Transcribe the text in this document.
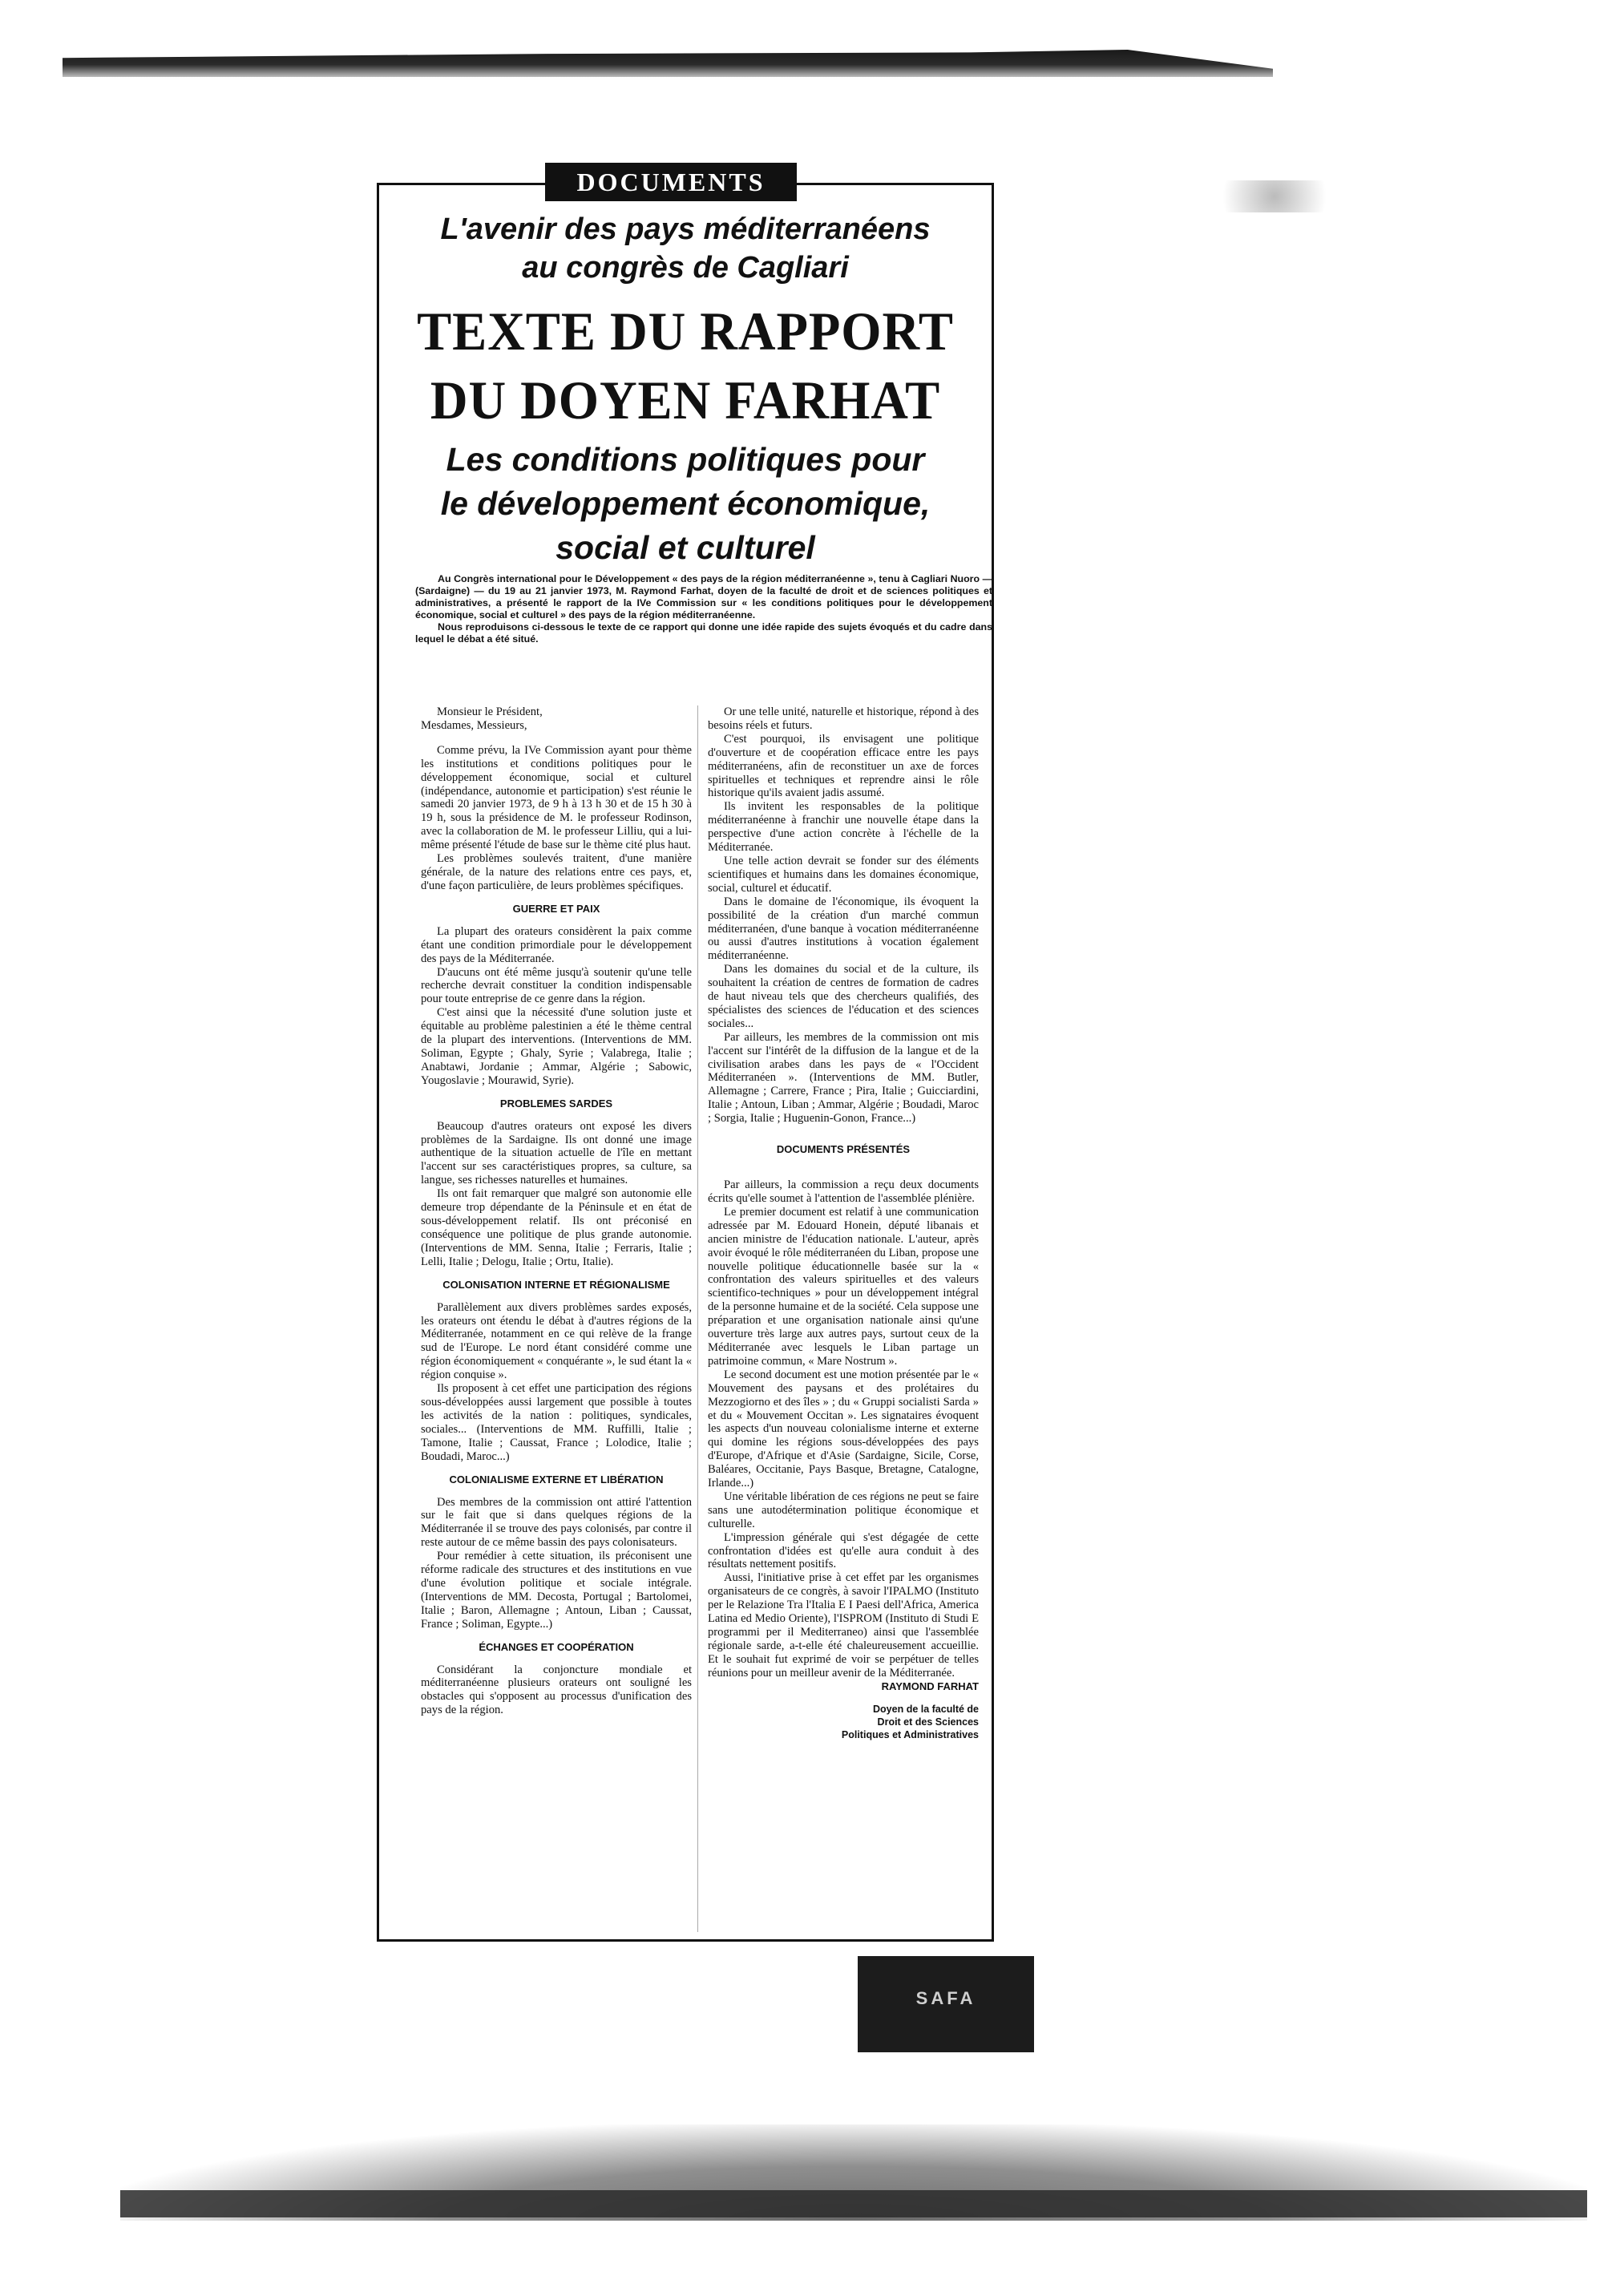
DOCUMENTS
L'avenir des pays méditerranéens
au congrès de Cagliari
TEXTE DU RAPPORT
DU DOYEN FARHAT
Les conditions politiques pour
le développement économique,
social et culturel

Au Congrès international pour le Développement « des pays de la région méditerranéenne », tenu à Cagliari Nuoro — (Sardaigne) — du 19 au 21 janvier 1973, M. Raymond Farhat, doyen de la faculté de droit et de sciences politiques et administratives, a présenté le rapport de la IVe Commission sur « les conditions politiques pour le développement économique, social et culturel » des pays de la région méditerranéenne.

Nous reproduisons ci-dessous le texte de ce rapport qui donne une idée rapide des sujets évoqués et du cadre dans lequel le débat a été situé.

Monsieur le Président,

Mesdames, Messieurs,

Comme prévu, la IVe Commission ayant pour thème les institutions et conditions politiques pour le développement économique, social et culturel (indépendance, autonomie et participation) s'est réunie le samedi 20 janvier 1973, de 9 h à 13 h 30 et de 15 h 30 à 19 h, sous la présidence de M. le professeur Rodinson, avec la collaboration de M. le professeur Lilliu, qui a lui-même présenté l'étude de base sur le thème cité plus haut.

Les problèmes soulevés traitent, d'une manière générale, de la nature des relations entre ces pays, et, d'une façon particulière, de leurs problèmes spécifiques.

GUERRE ET PAIX

La plupart des orateurs considèrent la paix comme étant une condition primordiale pour le développement des pays de la Méditerranée.

D'aucuns ont été même jusqu'à soutenir qu'une telle recherche devrait constituer la condition indispensable pour toute entreprise de ce genre dans la région.

C'est ainsi que la nécessité d'une solution juste et équitable au problème palestinien a été le thème central de la plupart des interventions. (Interventions de MM. Soliman, Egypte ; Ghaly, Syrie ; Valabrega, Italie ; Anabtawi, Jordanie ; Ammar, Algérie ; Sabowic, Yougoslavie ; Mourawid, Syrie).

PROBLEMES SARDES

Beaucoup d'autres orateurs ont exposé les divers problèmes de la Sardaigne. Ils ont donné une image authentique de la situation actuelle de l'île en mettant l'accent sur ses caractéristiques propres, sa culture, sa langue, ses richesses naturelles et humaines.

Ils ont fait remarquer que malgré son autonomie elle demeure trop dépendante de la Péninsule et en état de sous-développement relatif. Ils ont préconisé en conséquence une politique de plus grande autonomie. (Interventions de MM. Senna, Italie ; Ferraris, Italie ; Lelli, Italie ; Delogu, Italie ; Ortu, Italie).

COLONISATION INTERNE ET RÉGIONALISME

Parallèlement aux divers problèmes sardes exposés, les orateurs ont étendu le débat à d'autres régions de la Méditerranée, notamment en ce qui relève de la frange sud de l'Europe. Le nord étant considéré comme une région économiquement « conquérante », le sud étant la « région conquise ».

Ils proposent à cet effet une participation des régions sous-développées aussi largement que possible à toutes les activités de la nation : politiques, syndicales, sociales... (Interventions de MM. Ruffilli, Italie ; Tamone, Italie ; Caussat, France ; Lolodice, Italie ; Boudadi, Maroc...)

COLONIALISME EXTERNE ET LIBÉRATION

Des membres de la commission ont attiré l'attention sur le fait que si dans quelques régions de la Méditerranée il se trouve des pays colonisés, par contre il reste autour de ce même bassin des pays colonisateurs.

Pour remédier à cette situation, ils préconisent une réforme radicale des structures et des institutions en vue d'une évolution politique et sociale intégrale. (Interventions de MM. Decosta, Portugal ; Bartolomei, Italie ; Baron, Allemagne ; Antoun, Liban ; Caussat, France ; Soliman, Egypte...)

ÉCHANGES ET COOPÉRATION

Considérant la conjoncture mondiale et méditerranéenne plusieurs orateurs ont souligné les obstacles qui s'opposent au processus d'unification des pays de la région.

Or une telle unité, naturelle et historique, répond à des besoins réels et futurs.

C'est pourquoi, ils envisagent une politique d'ouverture et de coopération efficace entre les pays méditerranéens, afin de reconstituer un axe de forces spirituelles et techniques et reprendre ainsi le rôle historique qu'ils avaient jadis assumé.

Ils invitent les responsables de la politique méditerranéenne à franchir une nouvelle étape dans la perspective d'une action concrète à l'échelle de la Méditerranée.

Une telle action devrait se fonder sur des éléments scientifiques et humains dans les domaines économique, social, culturel et éducatif.

Dans le domaine de l'économique, ils évoquent la possibilité de la création d'un marché commun méditerranéen, d'une banque à vocation méditerranéenne ou aussi d'autres institutions à vocation également méditerranéenne.

Dans les domaines du social et de la culture, ils souhaitent la création de centres de formation de cadres de haut niveau tels que des chercheurs qualifiés, des spécialistes des sciences de l'éducation et des sciences sociales...

Par ailleurs, les membres de la commission ont mis l'accent sur l'intérêt de la diffusion de la langue et de la civilisation arabes dans les pays de « l'Occident Méditerranéen ». (Interventions de MM. Butler, Allemagne ; Carrere, France ; Pira, Italie ; Guicciardini, Italie ; Antoun, Liban ; Ammar, Algérie ; Boudadi, Maroc ; Sorgia, Italie ; Huguenin-Gonon, France...)

DOCUMENTS PRÉSENTÉS

Par ailleurs, la commission a reçu deux documents écrits qu'elle soumet à l'attention de l'assemblée plénière.

Le premier document est relatif à une communication adressée par M. Edouard Honein, député libanais et ancien ministre de l'éducation nationale. L'auteur, après avoir évoqué le rôle méditerranéen du Liban, propose une nouvelle politique éducationnelle basée sur la « confrontation des valeurs spirituelles et des valeurs scientifico-techniques » pour un développement intégral de la personne humaine et de la société. Cela suppose une préparation et une organisation nationale ainsi qu'une ouverture très large aux autres pays, surtout ceux de la Méditerranée avec lesquels le Liban partage un patrimoine commun, « Mare Nostrum ».

Le second document est une motion présentée par le « Mouvement des paysans et des prolétaires du Mezzogiorno et des îles » ; du « Gruppi socialisti Sarda » et du « Mouvement Occitan ». Les signataires évoquent les aspects d'un nouveau colonialisme interne et externe qui domine les régions sous-développées des pays d'Europe, d'Afrique et d'Asie (Sardaigne, Sicile, Corse, Baléares, Occitanie, Pays Basque, Bretagne, Catalogne, Irlande...)

Une véritable libération de ces régions ne peut se faire sans une autodétermination politique économique et culturelle.

L'impression générale qui s'est dégagée de cette confrontation d'idées est qu'elle aura conduit à des résultats nettement positifs.

Aussi, l'initiative prise à cet effet par les organismes organisateurs de ce congrès, à savoir l'IPALMO (Instituto per le Relazione Tra l'Italia E I Paesi dell'Africa, America Latina ed Medio Oriente), l'ISPROM (Instituto di Studi E programmi per il Mediterraneo) ainsi que l'assemblée régionale sarde, a-t-elle été chaleureusement accueillie. Et le souhait fut exprimé de voir se perpétuer de telles réunions pour un meilleur avenir de la Méditerranée.

RAYMOND FARHAT

Doyen de la faculté de

Droit et des Sciences

Politiques et Administratives

SAFA
